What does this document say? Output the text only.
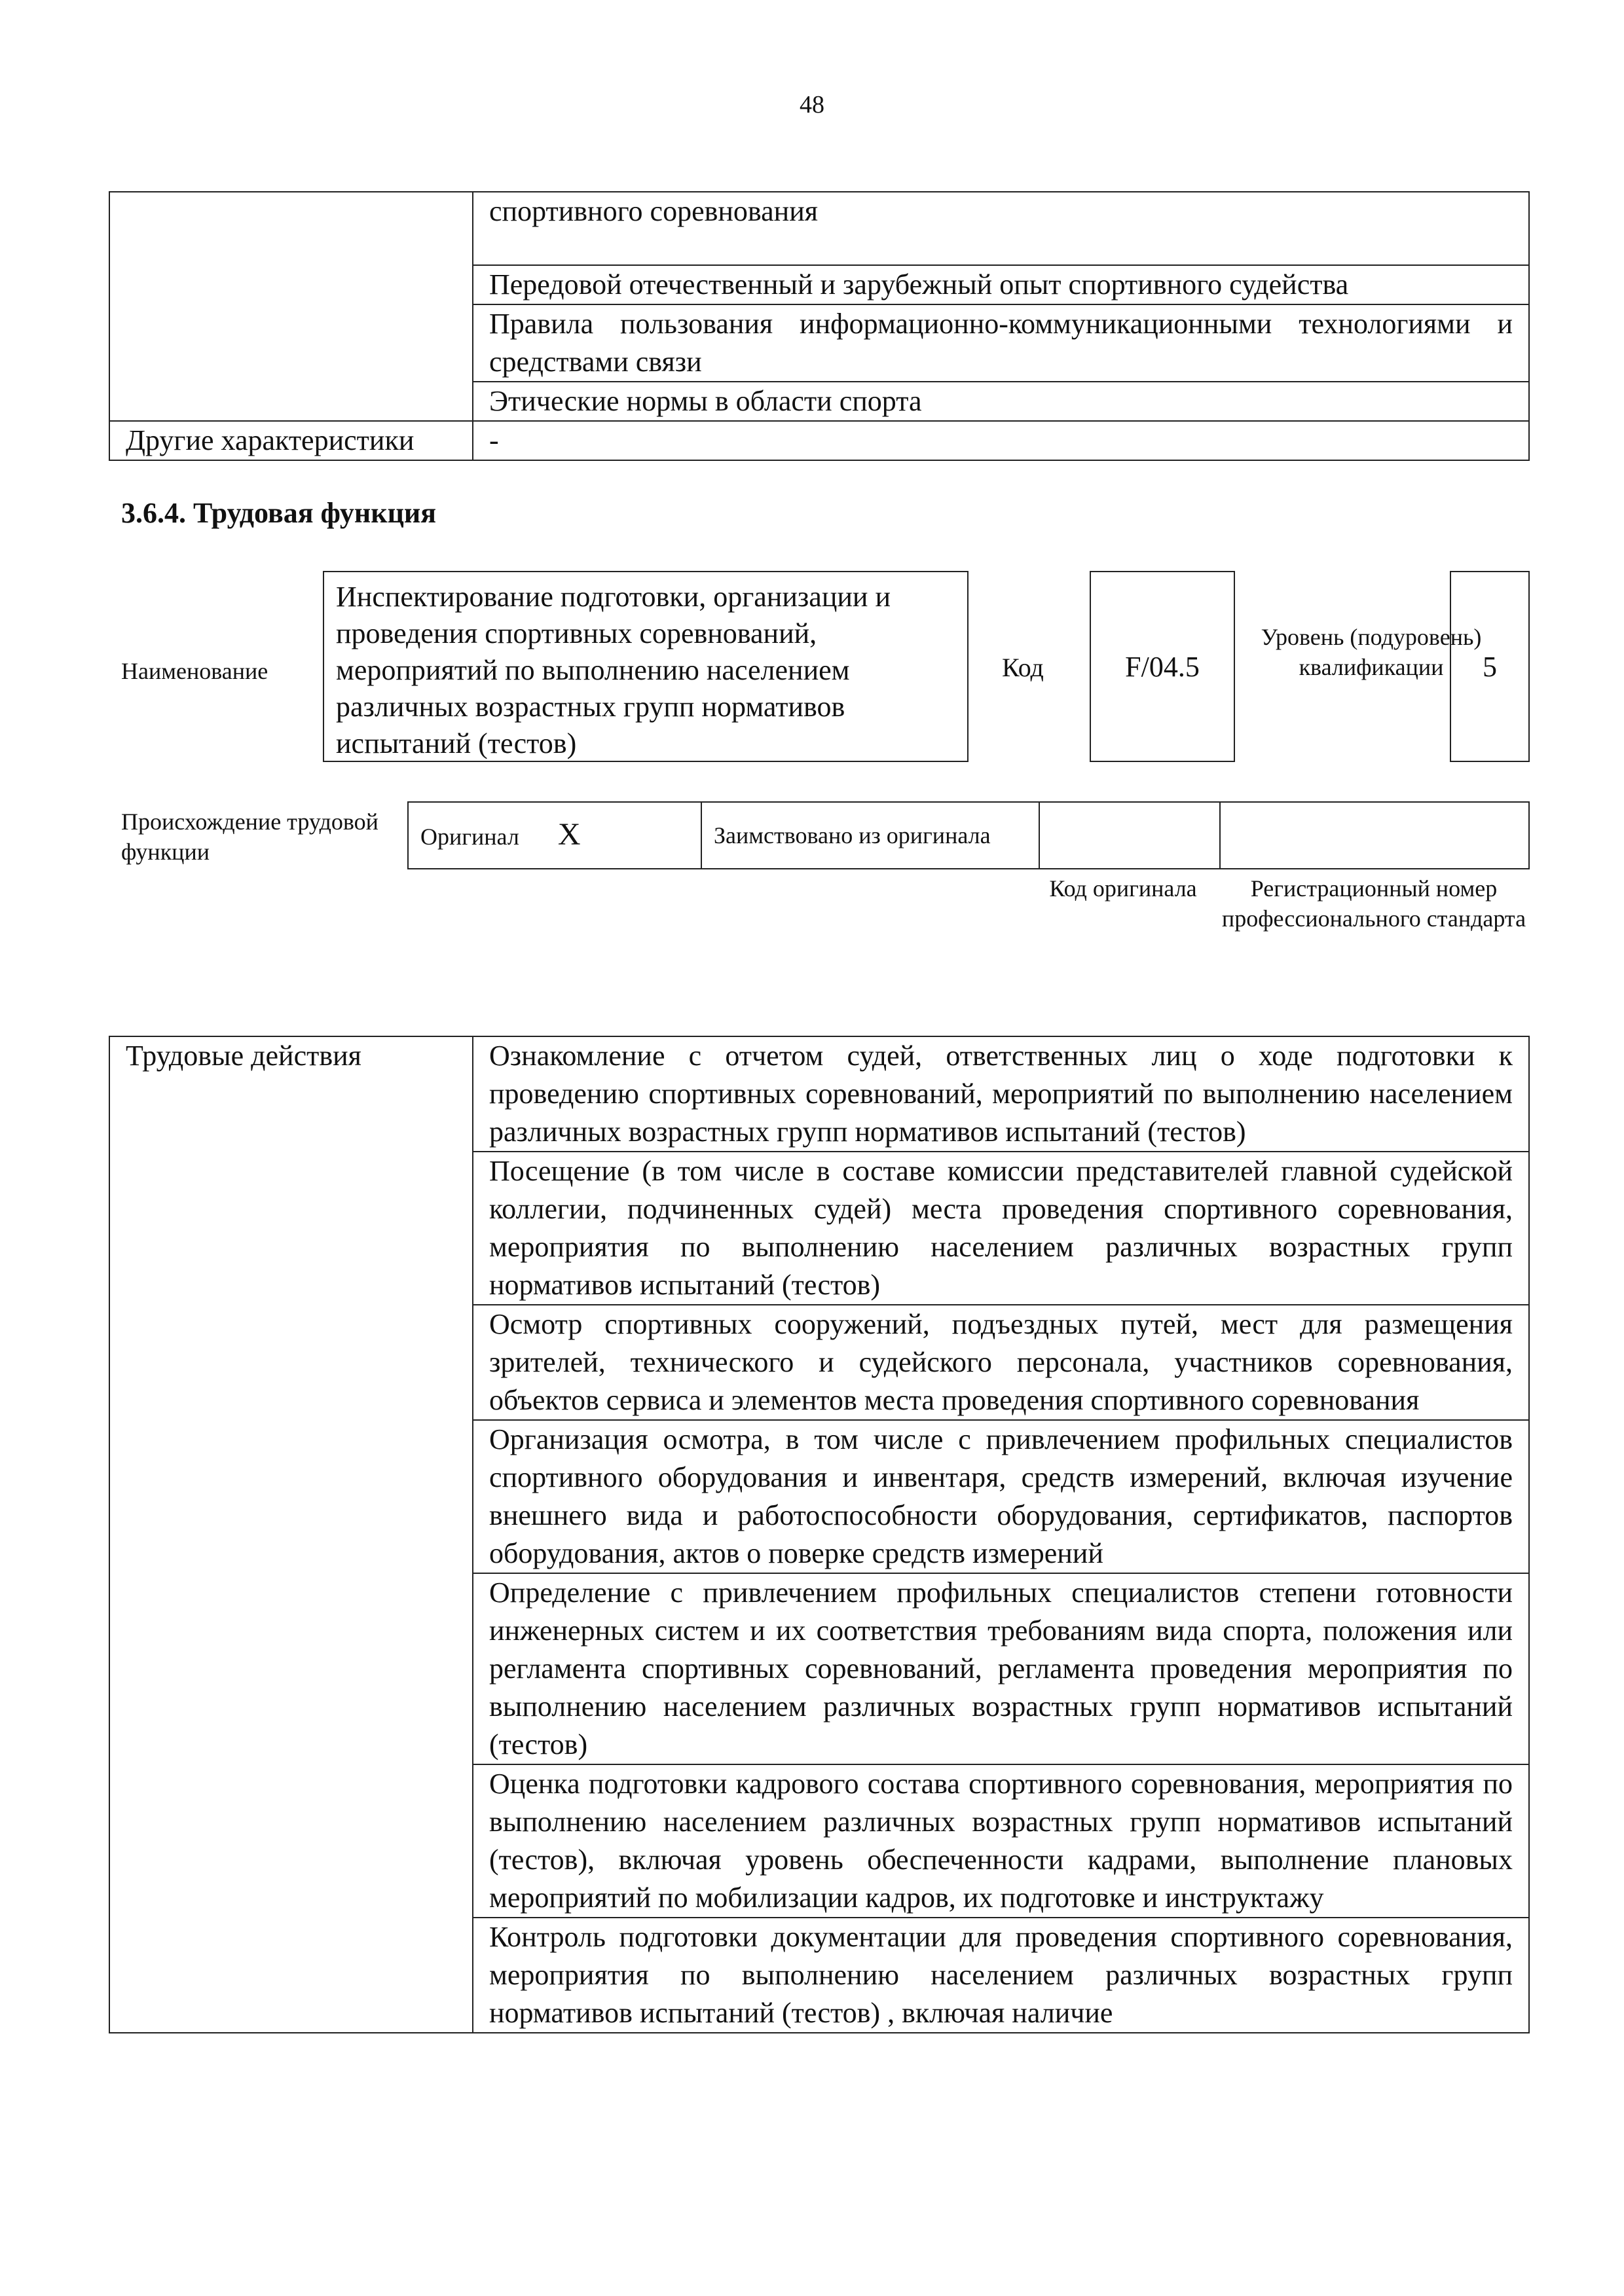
48
	спортивного соревнования
	Передовой отечественный и зарубежный опыт спортивного судейства
	Правила пользования информационно-коммуникационными технологиями и средствами связи
	Этические нормы в области спорта
Другие характеристики	-
3.6.4. Трудовая функция
Наименование
Инспектирование подготовки, организации и проведения спортивных соревнований, мероприятий по выполнению населением различных возрастных групп нормативов испытаний (тестов)
Код	F/04.5
Уровень (подуровень) квалификации	5
Происхождение трудовой функции
Оригинал X	Заимствовано из оригинала		
Код оригинала	Регистрационный номер профессионального стандарта
Трудовые действия	Ознакомление с отчетом судей, ответственных лиц о ходе подготовки к проведению спортивных соревнований, мероприятий по выполнению населением различных возрастных групп нормативов испытаний (тестов)
Посещение (в том числе в составе комиссии представителей главной судейской коллегии, подчиненных судей) места проведения спортивного соревнования, мероприятия по выполнению населением различных возрастных групп нормативов испытаний (тестов)
Осмотр спортивных сооружений, подъездных путей, мест для размещения зрителей, технического и судейского персонала, участников соревнования, объектов сервиса и элементов места проведения спортивного соревнования
Организация осмотра, в том числе с привлечением профильных специалистов спортивного оборудования и инвентаря, средств измерений, включая изучение внешнего вида и работоспособности оборудования, сертификатов, паспортов оборудования, актов о поверке средств измерений
Определение с привлечением профильных специалистов степени готовности инженерных систем и их соответствия требованиям вида спорта, положения или регламента спортивных соревнований, регламента проведения мероприятия по выполнению населением различных возрастных групп нормативов испытаний (тестов)
Оценка подготовки кадрового состава спортивного соревнования, мероприятия по выполнению населением различных возрастных групп нормативов испытаний (тестов), включая уровень обеспеченности кадрами, выполнение плановых мероприятий по мобилизации кадров, их подготовке и инструктажу
Контроль подготовки документации для проведения спортивного соревнования, мероприятия по выполнению населением различных возрастных групп нормативов испытаний (тестов) , включая наличие
